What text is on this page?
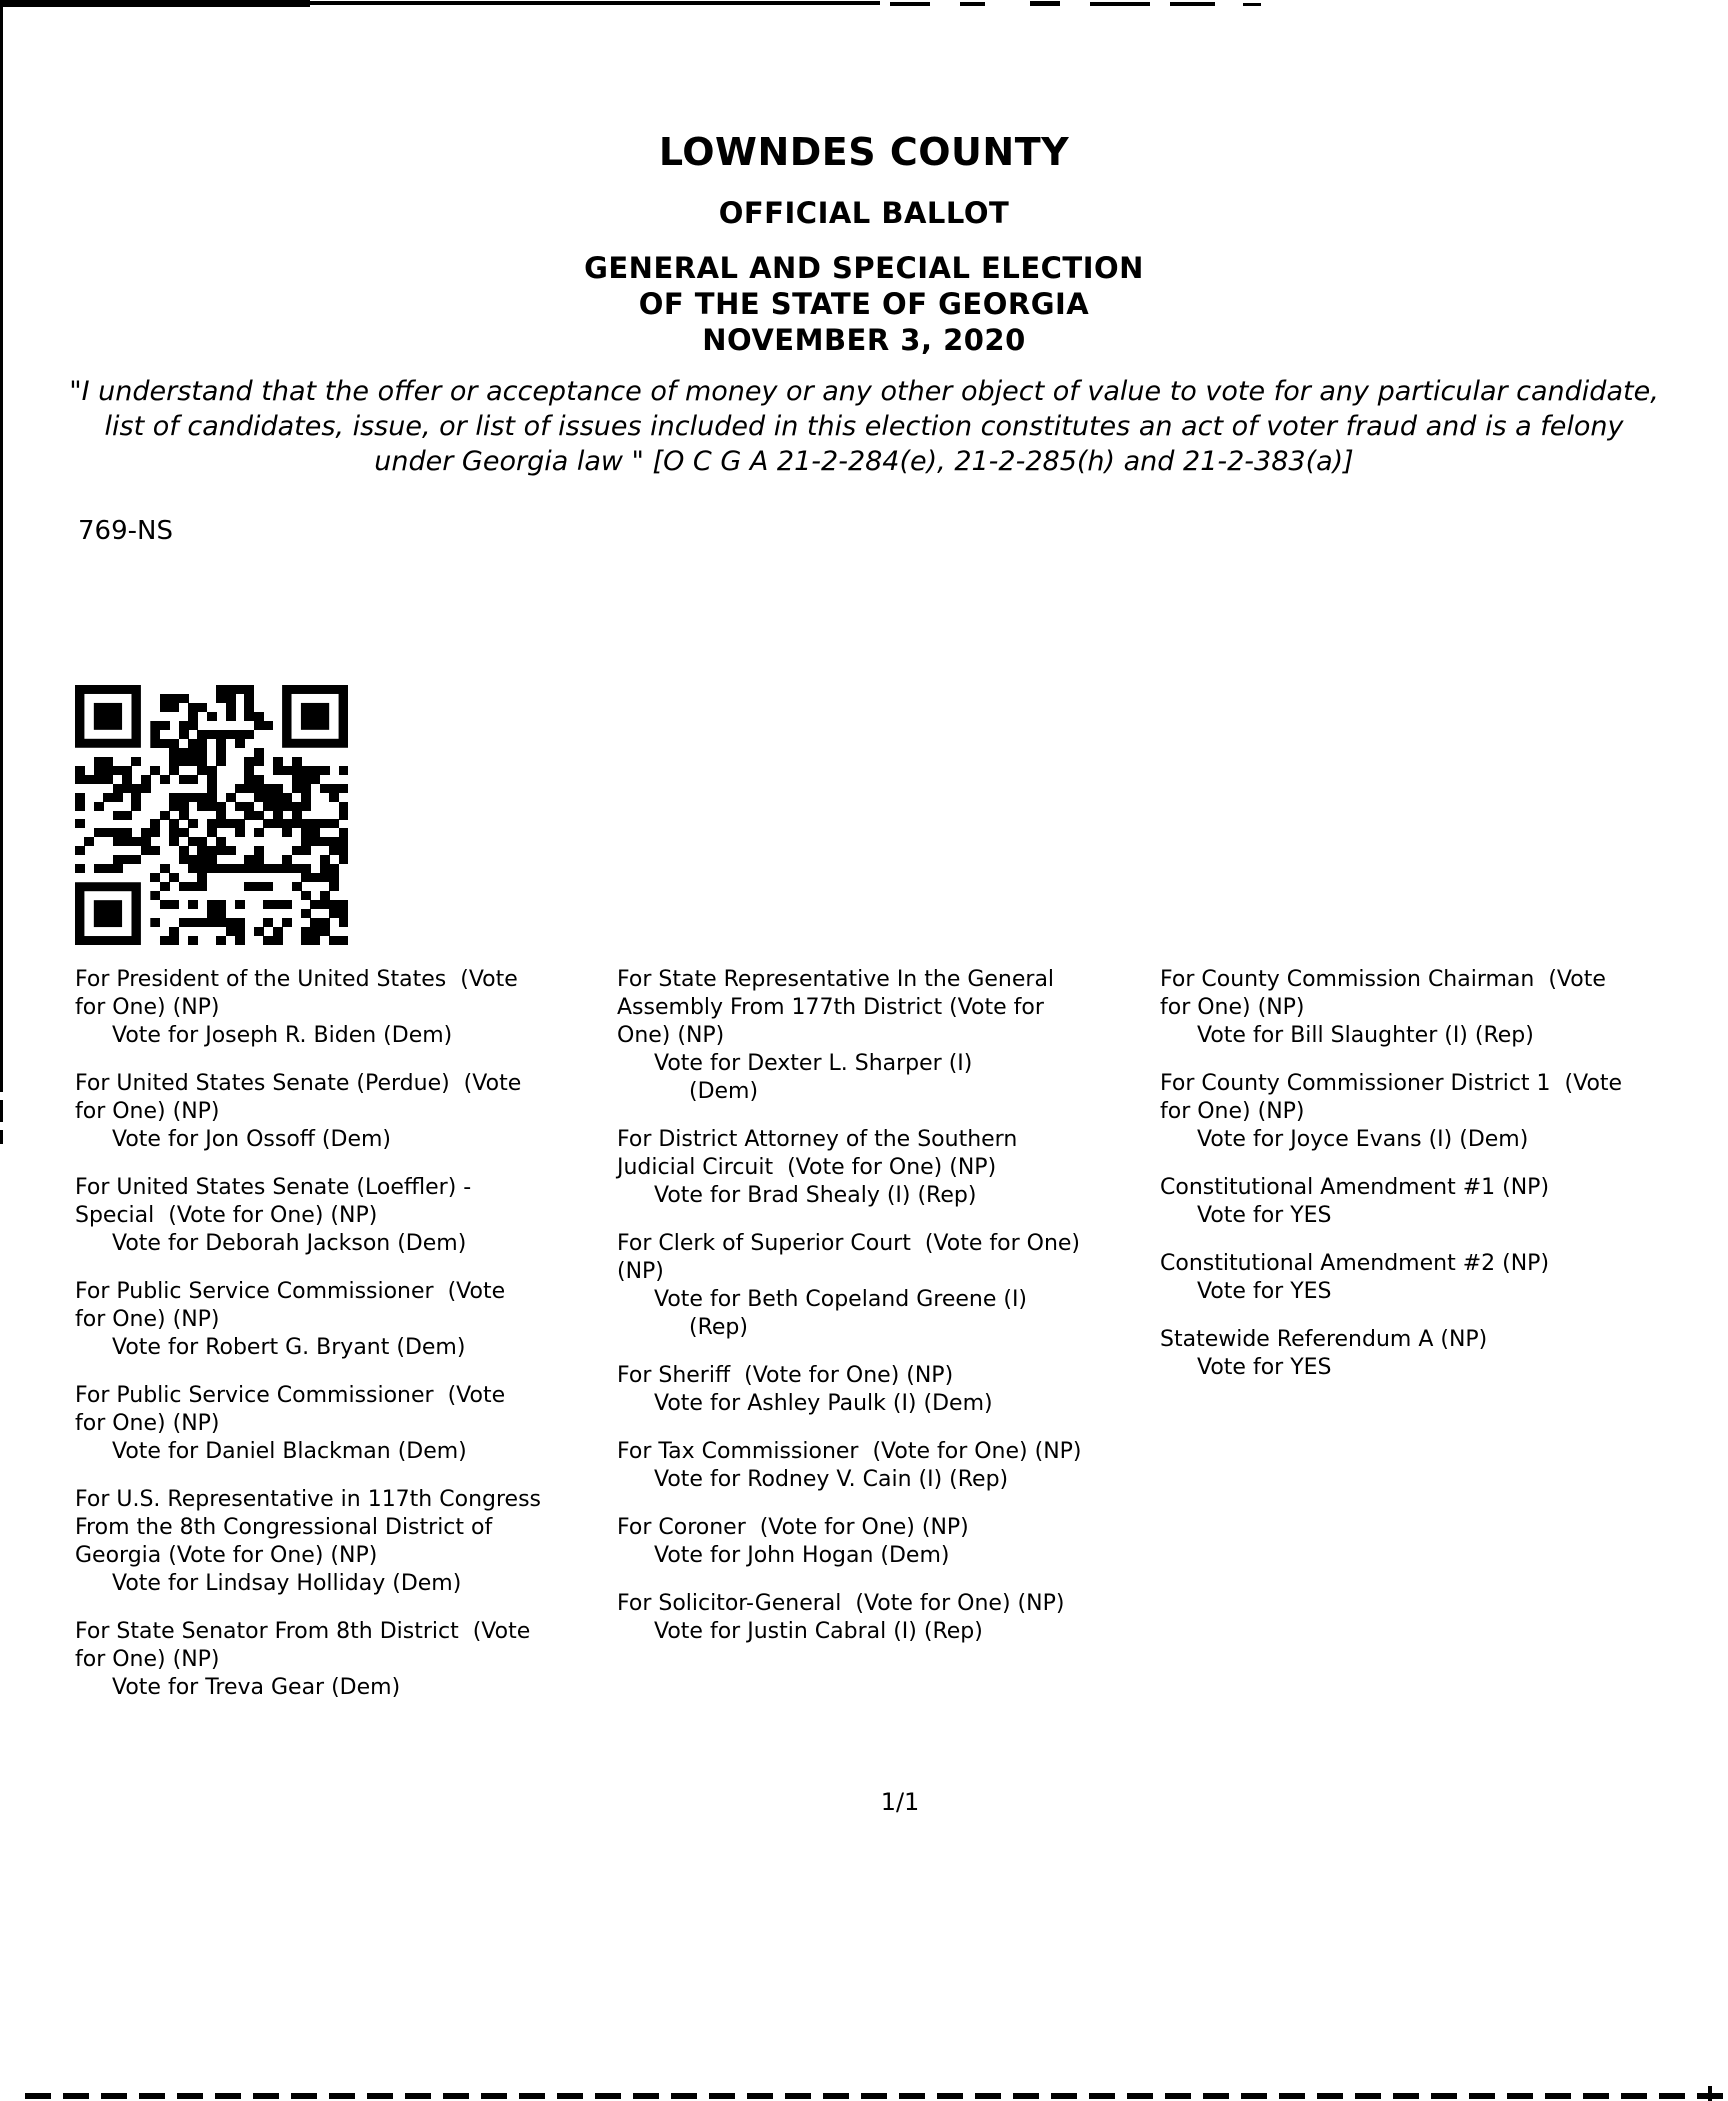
LOWNDES COUNTY
OFFICIAL BALLOT
GENERAL AND SPECIAL ELECTION
OF THE STATE OF GEORGIA
NOVEMBER 3, 2020
"I understand that the offer or acceptance of money or any other object of value to vote for any particular candidate,
list of candidates, issue, or list of issues included in this election constitutes an act of voter fraud and is a felony
under Georgia law " [O C G A 21-2-284(e), 21-2-285(h) and 21-2-383(a)]
769-NS
For President of the United States  (Vote
for One) (NP)
Vote for Joseph R. Biden (Dem)
For United States Senate (Perdue)  (Vote
for One) (NP)
Vote for Jon Ossoff (Dem)
For United States Senate (Loeffler) -
Special  (Vote for One) (NP)
Vote for Deborah Jackson (Dem)
For Public Service Commissioner  (Vote
for One) (NP)
Vote for Robert G. Bryant (Dem)
For Public Service Commissioner  (Vote
for One) (NP)
Vote for Daniel Blackman (Dem)
For U.S. Representative in 117th Congress
From the 8th Congressional District of
Georgia (Vote for One) (NP)
Vote for Lindsay Holliday (Dem)
For State Senator From 8th District  (Vote
for One) (NP)
Vote for Treva Gear (Dem)
For State Representative In the General
Assembly From 177th District (Vote for
One) (NP)
Vote for Dexter L. Sharper (I)
(Dem)
For District Attorney of the Southern
Judicial Circuit  (Vote for One) (NP)
Vote for Brad Shealy (I) (Rep)
For Clerk of Superior Court  (Vote for One)
(NP)
Vote for Beth Copeland Greene (I)
(Rep)
For Sheriff  (Vote for One) (NP)
Vote for Ashley Paulk (I) (Dem)
For Tax Commissioner  (Vote for One) (NP)
Vote for Rodney V. Cain (I) (Rep)
For Coroner  (Vote for One) (NP)
Vote for John Hogan (Dem)
For Solicitor-General  (Vote for One) (NP)
Vote for Justin Cabral (I) (Rep)
For County Commission Chairman  (Vote
for One) (NP)
Vote for Bill Slaughter (I) (Rep)
For County Commissioner District 1  (Vote
for One) (NP)
Vote for Joyce Evans (I) (Dem)
Constitutional Amendment #1 (NP)
Vote for YES
Constitutional Amendment #2 (NP)
Vote for YES
Statewide Referendum A (NP)
Vote for YES
1/1
